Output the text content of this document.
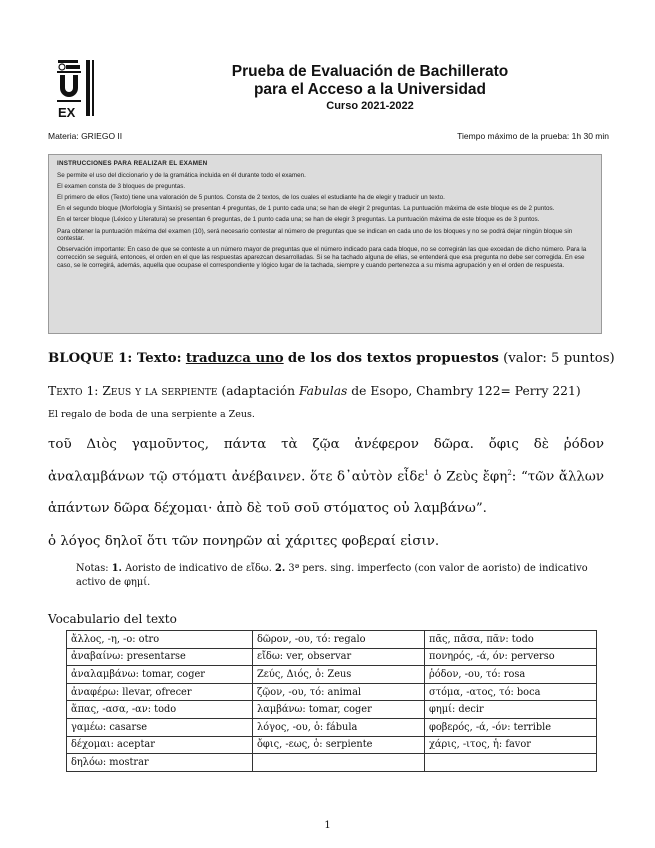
EX
Prueba de Evaluación de Bachillerato
para el Acceso a la Universidad
Curso 2021-2022
Materia: GRIEGO II	Tiempo máximo de la prueba: 1h 30 min

INSTRUCCIONES PARA REALIZAR EL EXAMEN

Se permite el uso del diccionario y de la gramática incluida en él durante todo el examen.

El examen consta de 3 bloques de preguntas.

El primero de ellos (Texto) tiene una valoración de 5 puntos. Consta de 2 textos, de los cuales el estudiante ha de elegir y traducir un texto.

En el segundo bloque (Morfología y Sintaxis) se presentan 4 preguntas, de 1 punto cada una; se han de elegir 2 preguntas. La puntuación máxima de este bloque es de 2 puntos.

En el tercer bloque (Léxico y Literatura) se presentan 6 preguntas, de 1 punto cada una; se han de elegir 3 preguntas. La puntuación máxima de este bloque es de 3 puntos.

Para obtener la puntuación máxima del examen (10), será necesario contestar al número de preguntas que se indican en cada uno de los bloques y no se podrá dejar ningún bloque sin contestar.

Observación importante: En caso de que se conteste a un número mayor de preguntas que el número indicado para cada bloque, no se corregirán las que excedan de dicho número. Para la corrección se seguirá, entonces, el orden en el que las respuestas aparezcan desarrolladas. Si se ha tachado alguna de ellas, se entenderá que esa pregunta no debe ser corregida. En ese caso, se le corregirá, además, aquella que ocupase el correspondiente y lógico lugar de la tachada, siempre y cuando pertenezca a su misma agrupación y en el orden de respuesta.

BLOQUE 1: Texto: traduzca uno de los dos textos propuestos (valor: 5 puntos)
Texto 1: Zeus y la serpiente (adaptación Fabulas de Esopo, Chambry 122= Perry 221)
El regalo de boda de una serpiente a Zeus.
τοῦ Διὸς γαμοῦντος, πάντα τὰ ζῷα ἀνέφερον δῶρα. ὄφις δὲ ῥόδον
ἀναλαμβάνων τῷ στόματι ἀνέβαινεν. ὅτε δ᾽αὐτὸν εἶδε$^1$ ὁ Ζεὺς ἔφη$^2$: “τῶν ἄλλων
ἁπάντων δῶρα δέχομαι· ἀπὸ δὲ τοῦ σοῦ στόματος οὐ λαμβάνω”.
ὁ λόγος δηλοῖ ὅτι τῶν πονηρῶν αἱ χάριτες φοβεραί εἰσιν.
Notas: 1. Aoristo de indicativo de εἴδω. 2. 3ª pers. sing. imperfecto (con valor de aoristo) de indicativo activo de φημί.
Vocabulario del texto
ἄλλος, -η, -ο: otro	δῶρον, -ου, τό: regalo	πᾶς, πᾶσα, πᾶν: todo
ἀναβαίνω: presentarse	εἴδω: ver, observar	πονηρός, -ά, όν: perverso
ἀναλαμβάνω: tomar, coger	Ζεύς, Διός, ὁ: Zeus	ῥόδον, -ου, τό: rosa
ἀναφέρω: llevar, ofrecer	ζῷον, -ου, τό: animal	στόμα, -ατος, τό: boca
ἅπας, -ασα, -αν: todo	λαμβάνω: tomar, coger	φημί: decir
γαμέω: casarse	λόγος, -ου, ὁ: fábula	φοβερός, -ά, -όν: terrible
δέχομαι: aceptar	ὄφις, -εως, ὁ: serpiente	χάρις, -ιτος, ἡ: favor
δηλόω: mostrar		
1
